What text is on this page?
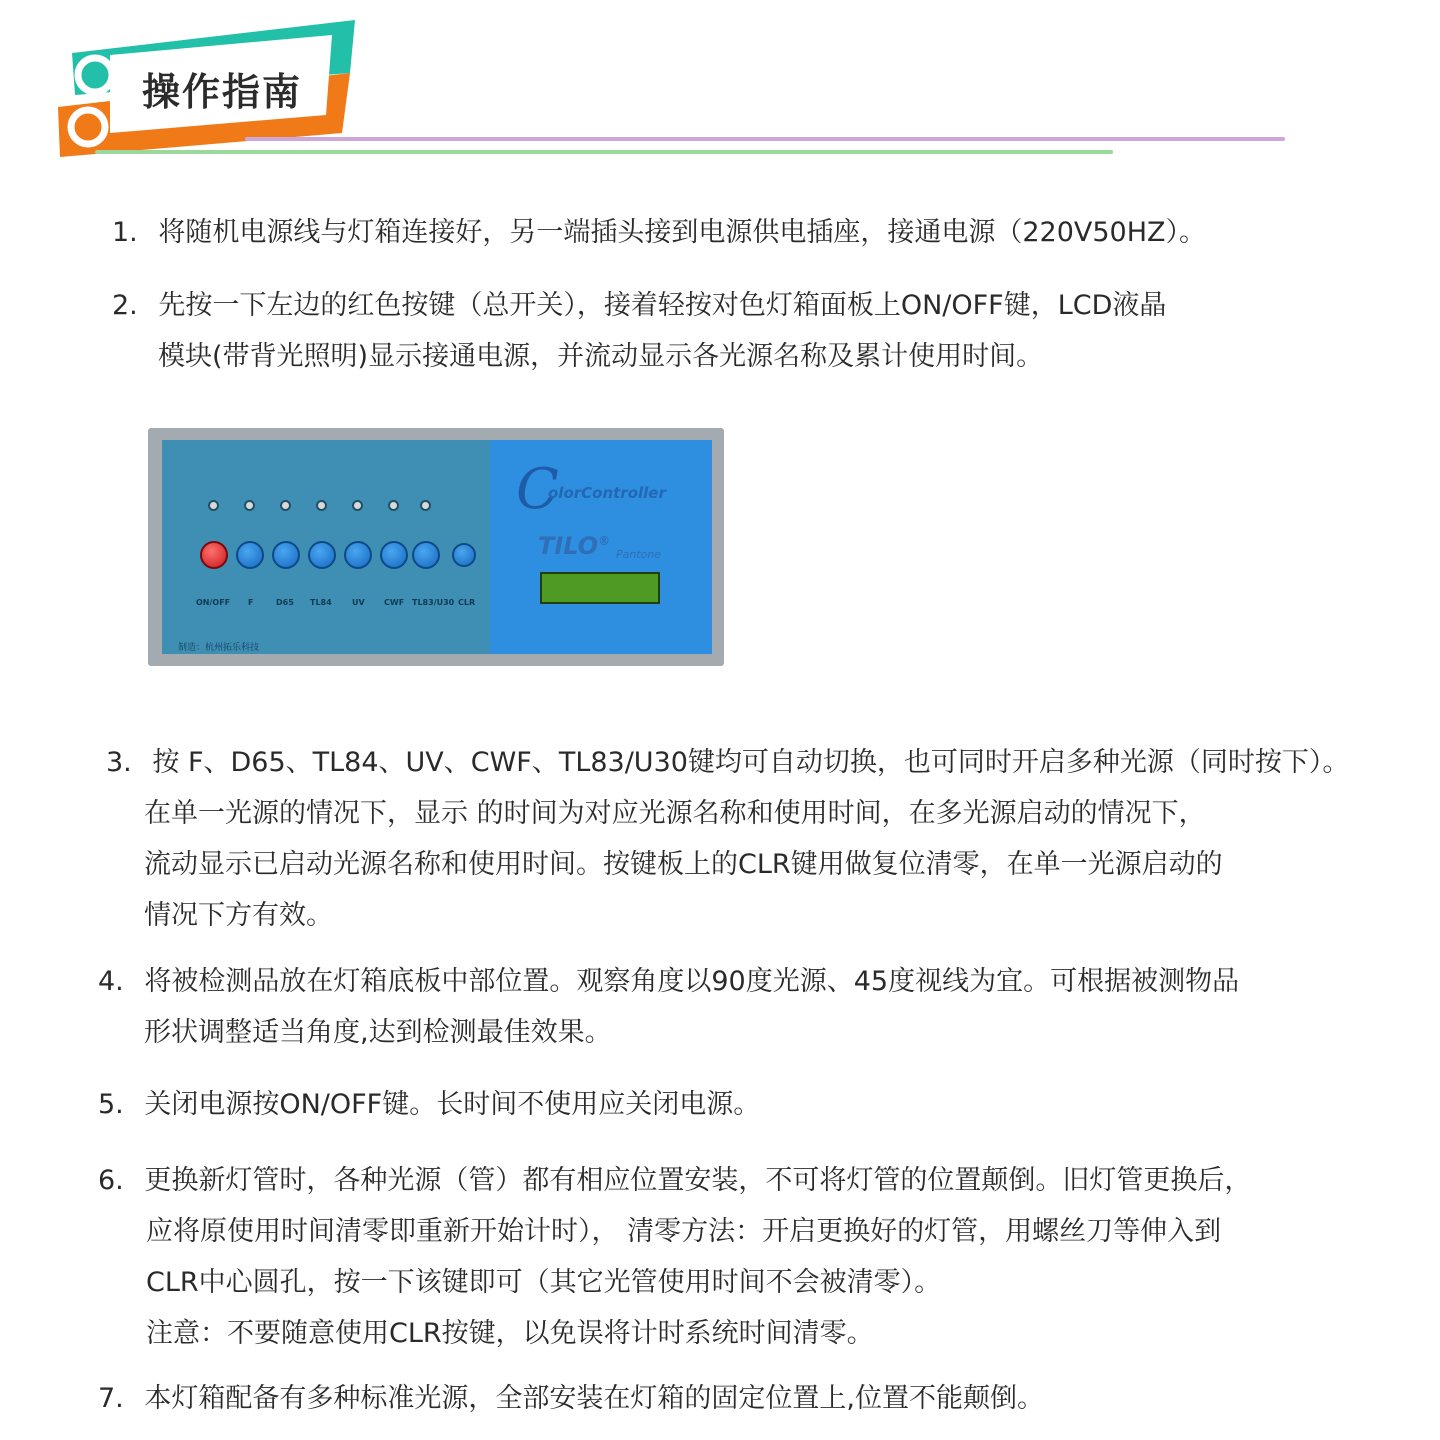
操作指南
1. 将随机电源线与灯箱连接好，另一端插头接到电源供电插座，接通电源（220V50HZ）。
2. 先按一下左边的红色按键（总开关），接着轻按对色灯箱面板上ON/OFF键，LCD液晶
模块(带背光照明)显示接通电源，并流动显示各光源名称及累计使用时间。
ON/OFF F	D65 TL84	UV CWF TL83/U30 CLR
制造：杭州拓乐科技
C
olorController
TILO®
Pantone
3. 按 F、D65、TL84、UV、CWF、TL83/U30键均可自动切换，也可同时开启多种光源（同时按下）。
在单一光源的情况下，显示 的时间为对应光源名称和使用时间，在多光源启动的情况下，
流动显示已启动光源名称和使用时间。按键板上的CLR键用做复位清零，在单一光源启动的
情况下方有效。
4. 将被检测品放在灯箱底板中部位置。观察角度以90度光源、45度视线为宜。可根据被测物品
形状调整适当角度,达到检测最佳效果。
5. 关闭电源按ON/OFF键。长时间不使用应关闭电源。
6. 更换新灯管时，各种光源（管）都有相应位置安装，不可将灯管的位置颠倒。旧灯管更换后，
应将原使用时间清零即重新开始计时）， 清零方法：开启更换好的灯管，用螺丝刀等伸入到
CLR中心圆孔，按一下该键即可（其它光管使用时间不会被清零）。
注意：不要随意使用CLR按键，以免误将计时系统时间清零。
7. 本灯箱配备有多种标准光源，全部安装在灯箱的固定位置上,位置不能颠倒。
